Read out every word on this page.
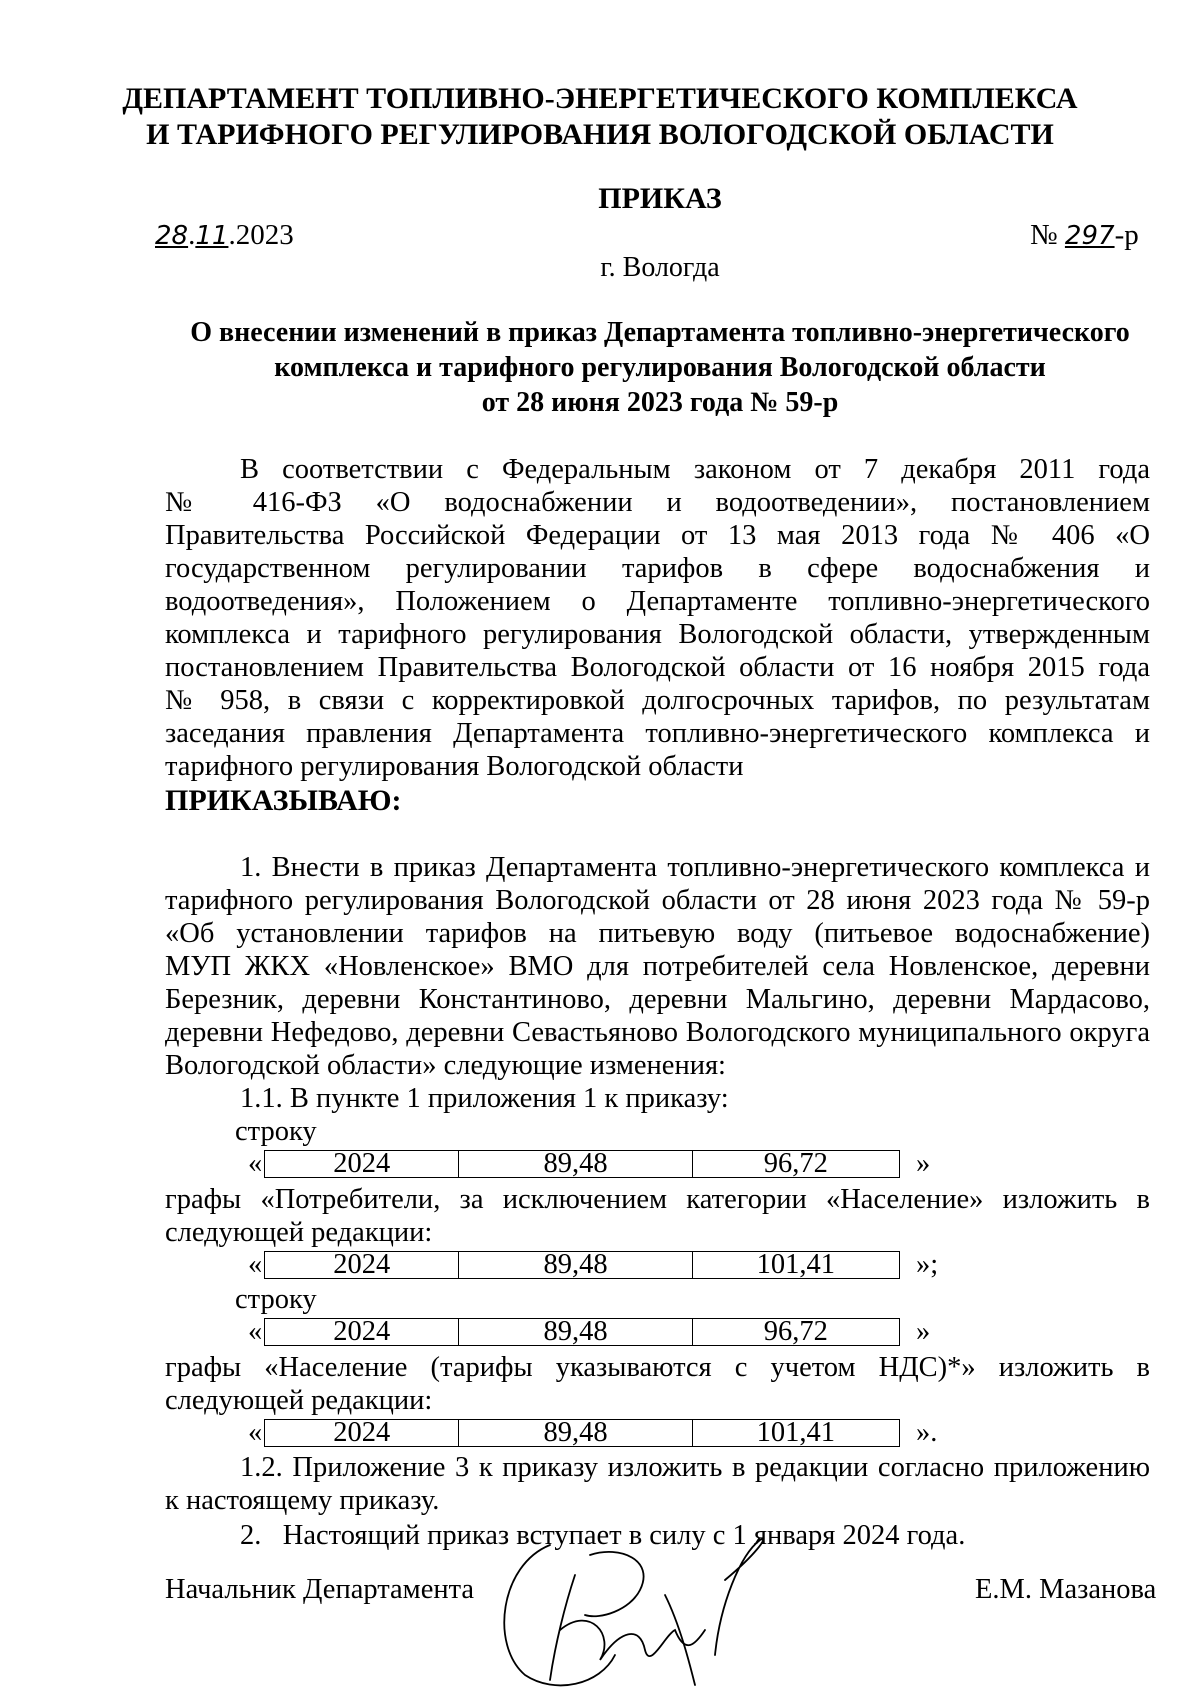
ДЕПАРТАМЕНТ ТОПЛИВНО-ЭНЕРГЕТИЧЕСКОГО КОМПЛЕКСА
И ТАРИФНОГО РЕГУЛИРОВАНИЯ ВОЛОГОДСКОЙ ОБЛАСТИ
ПРИКАЗ
28.11.2023	№ 297-р
г. Вологда
О внесении изменений в приказ Департамента топливно-энергетического
комплекса и тарифного регулирования Вологодской области
от 28 июня 2023 года № 59-р
В соответствии с Федеральным законом от 7 декабря 2011 года
№ 416-ФЗ «О водоснабжении и водоотведении», постановлением
Правительства Российской Федерации от 13 мая 2013 года № 406 «О
государственном регулировании тарифов в сфере водоснабжения и
водоотведения», Положением о Департаменте топливно-энергетического
комплекса и тарифного регулирования Вологодской области, утвержденным
постановлением Правительства Вологодской области от 16 ноября 2015 года
№ 958, в связи с корректировкой долгосрочных тарифов, по результатам
заседания правления Департамента топливно-энергетического комплекса и
тарифного регулирования Вологодской области
ПРИКАЗЫВАЮ:
1. Внести в приказ Департамента топливно-энергетического комплекса и
тарифного регулирования Вологодской области от 28 июня 2023 года № 59-р
«Об установлении тарифов на питьевую воду (питьевое водоснабжение)
МУП ЖКХ «Новленское» ВМО для потребителей села Новленское, деревни
Березник, деревни Константиново, деревни Мальгино, деревни Мардасово,
деревни Нефедово, деревни Севастьяново Вологодского муниципального округа
Вологодской области» следующие изменения:
1.1. В пункте 1 приложения 1 к приказу:
строку
«	2024	89,48	96,72	»
графы «Потребители, за исключением категории «Население» изложить в
следующей редакции:
«	2024	89,48	101,41	»;
строку
«	2024	89,48	96,72	»
графы «Население (тарифы указываются с учетом НДС)*» изложить в
следующей редакции:
«	2024	89,48	101,41	».
1.2. Приложение 3 к приказу изложить в редакции согласно приложению
к настоящему приказу.
2.   Настоящий приказ вступает в силу с 1 января 2024 года.
Начальник Департамента	Е.М. Мазанова
